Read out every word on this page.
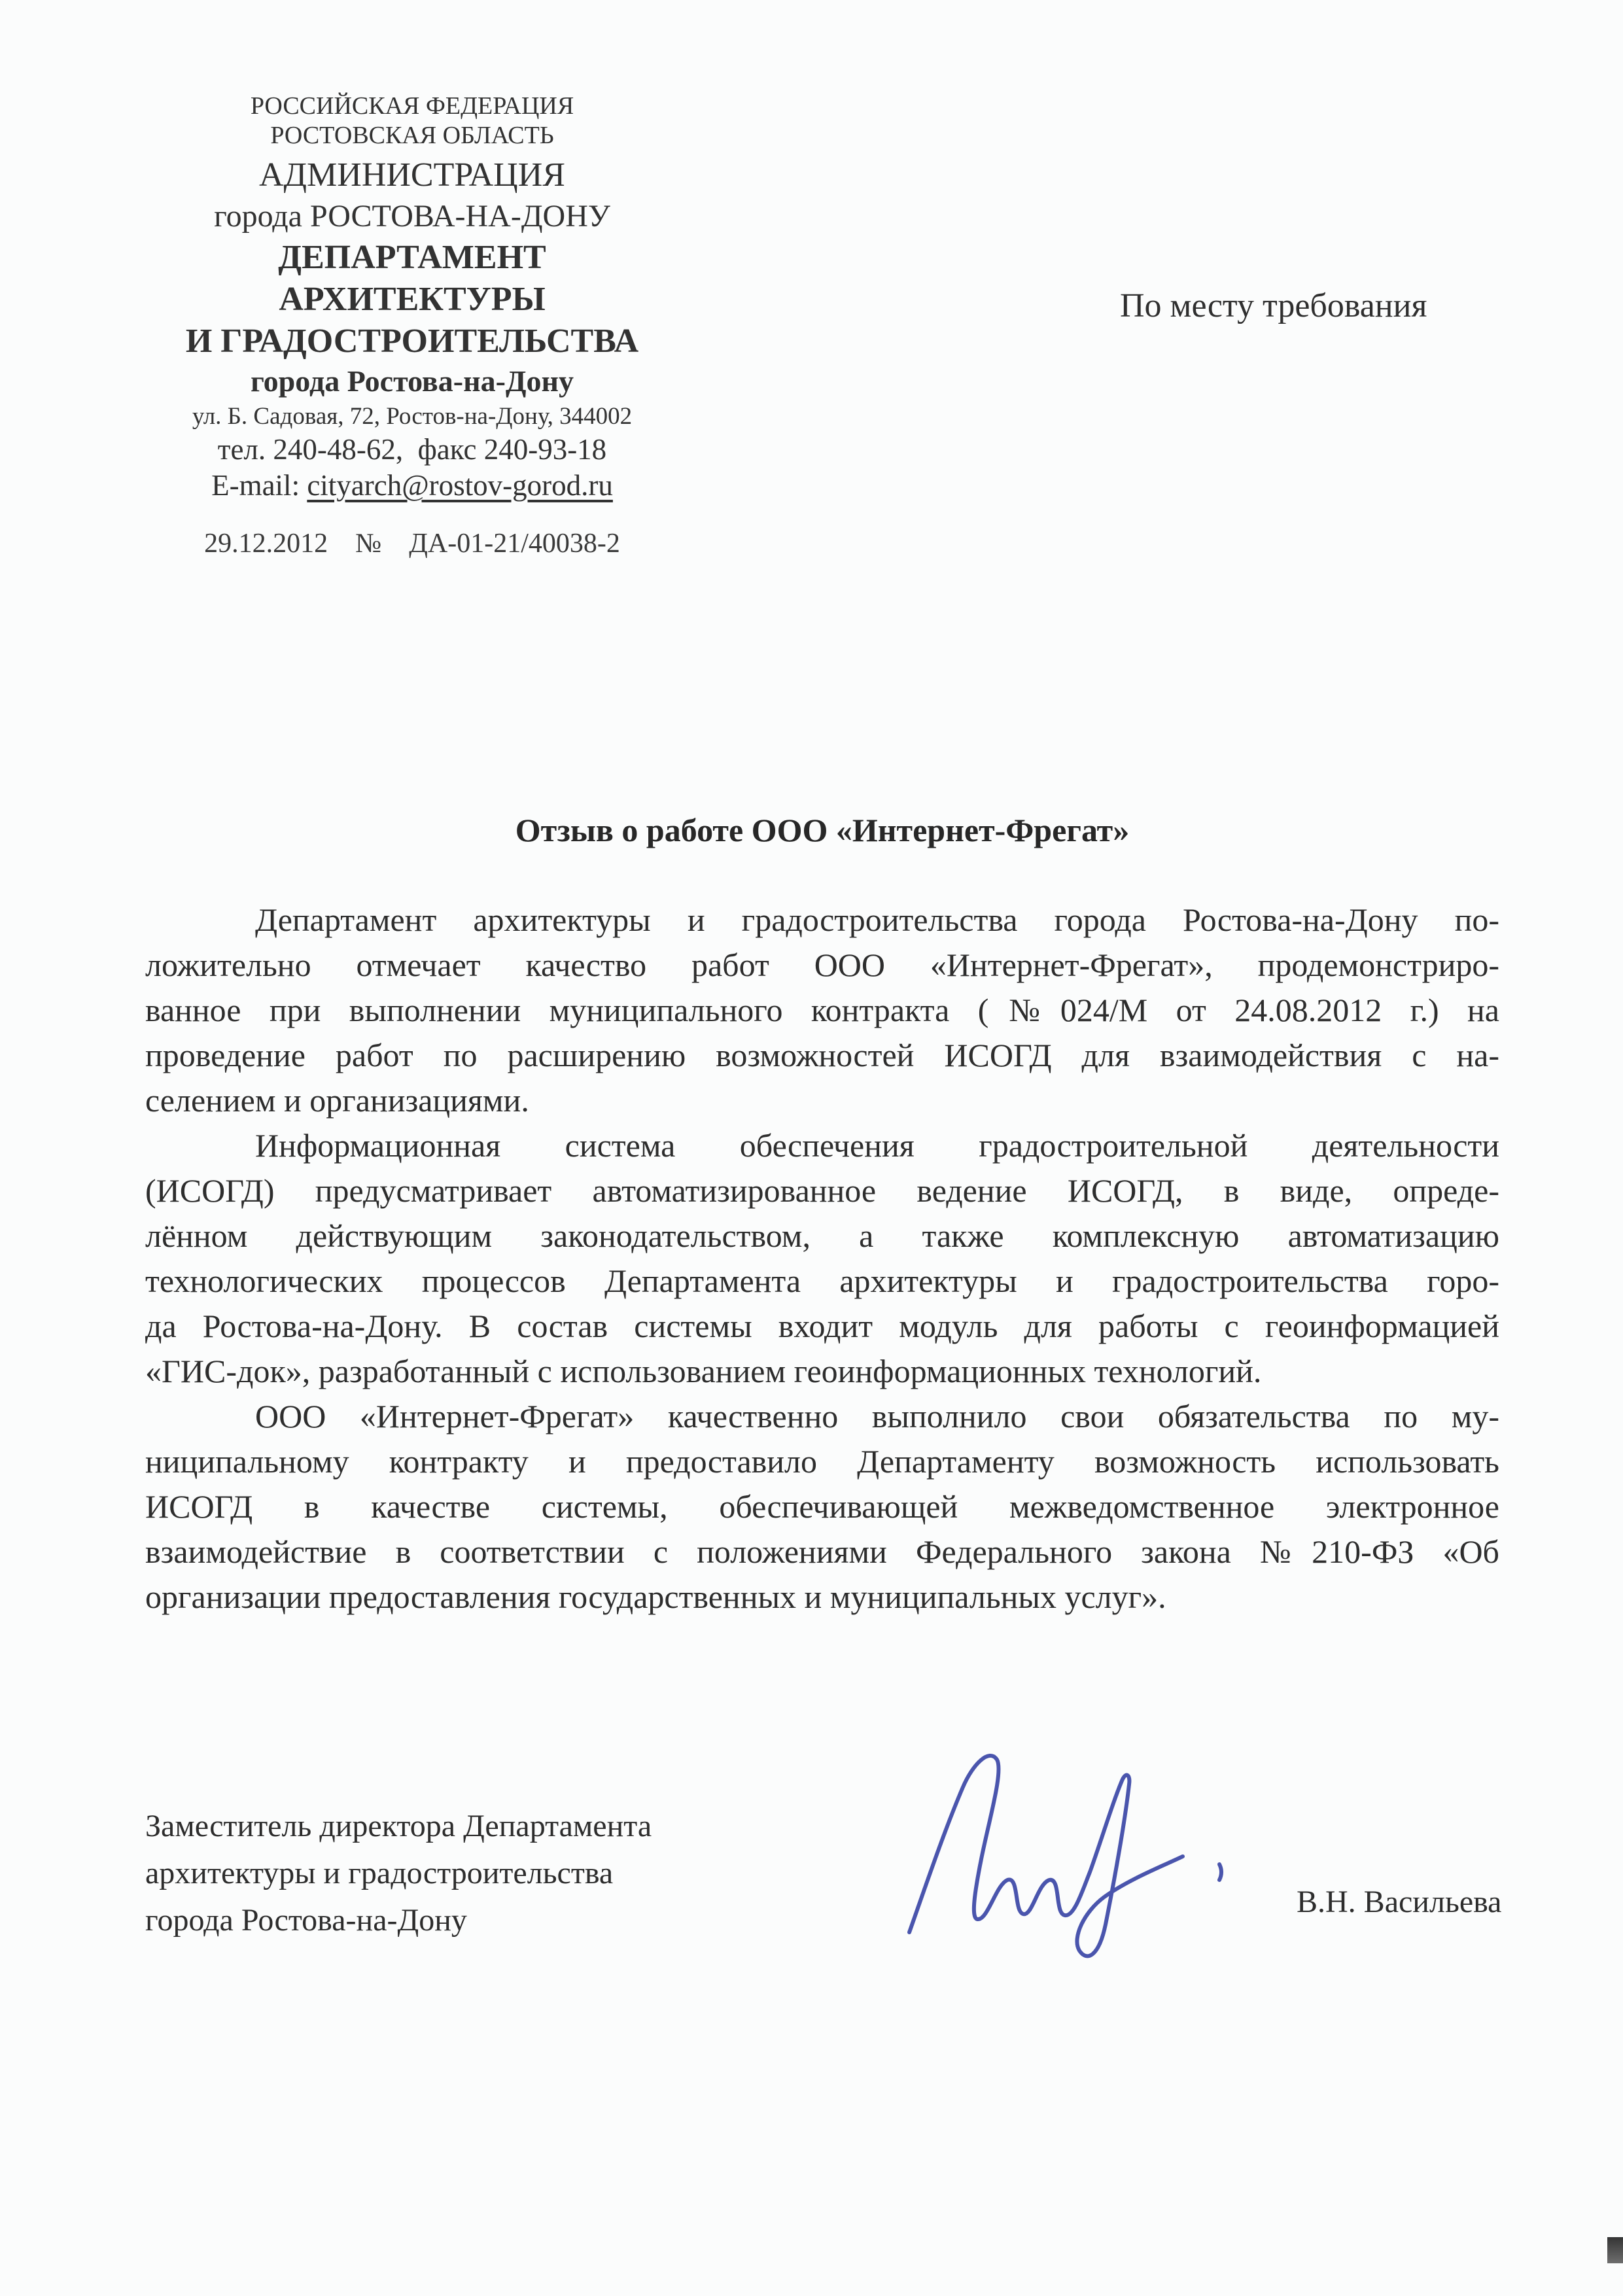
РОССИЙСКАЯ ФЕДЕРАЦИЯ
РОСТОВСКАЯ ОБЛАСТЬ
АДМИНИСТРАЦИЯ
города РОСТОВА-НА-ДОНУ
ДЕПАРТАМЕНТ
АРХИТЕКТУРЫ
И ГРАДОСТРОИТЕЛЬСТВА
города Ростова-на-Дону
ул. Б. Садовая, 72, Ростов-на-Дону, 344002
тел. 240-48-62,  факс 240-93-18
E-mail: cityarch@rostov-gorod.ru
29.12.2012 № ДА-01-21/40038-2
По месту требования
Отзыв о работе ООО «Интернет-Фрегат»
Департамент архитектуры и градостроительства города Ростова-на-Дону по-
ложительно отмечает качество работ ООО «Интернет-Фрегат», продемонстриро-
ванное при выполнении муниципального контракта (№024/М от 24.08.2012 г.) на
проведение работ по расширению возможностей ИСОГД для взаимодействия с на-
селением и организациями.
Информационная система обеспечения градостроительной деятельности
(ИСОГД) предусматривает автоматизированное ведение ИСОГД, в виде, опреде-
лённом действующим законодательством, а также комплексную автоматизацию
технологических процессов Департамента архитектуры и градостроительства горо-
да Ростова-на-Дону. В состав системы входит модуль для работы с геоинформацией
«ГИС-док», разработанный с использованием геоинформационных технологий.
ООО «Интернет-Фрегат» качественно выполнило свои обязательства по му-
ниципальному контракту и предоставило Департаменту возможность использовать
ИСОГД в качестве системы, обеспечивающей межведомственное электронное
взаимодействие в соответствии с положениями Федерального закона №210-ФЗ «Об
организации предоставления государственных и муниципальных услуг».
Заместитель директора Департамента
архитектуры и градостроительства
города Ростова-на-Дону
В.Н. Васильева
